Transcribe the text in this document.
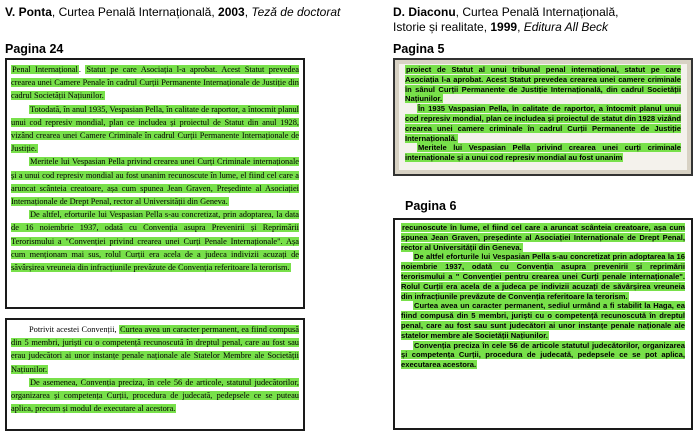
V. Ponta, Curtea Penală Internațională, 2003, Teză de doctorat	D. Diaconu, Curtea Penală Internațională,
Istorie și realitate, 1999, Editura All Beck
Pagina 24	Pagina 5
Pagina 6

Penal Internațional. Statut pe care Asociația l-a aprobat. Acest Statut prevedea crearea unei Camere Penale în cadrul Curții Permanente Internaționale de Justiție din cadrul Societății Națiunilor.

Totodată, în anul 1935, Vespasian Pella, în calitate de raportor, a întocmit planul unui cod represiv mondial, plan ce includea și proiectul de Statut din anul 1928, vizând crearea unei Camere Criminale în cadrul Curții Permanente Internaționale de Justiție.

Meritele lui Vespasian Pella privind crearea unei Curți Criminale internaționale și a unui cod represiv mondial au fost unanim recunoscute în lume, el fiind cel care a aruncat scânteia creatoare, așa cum spunea Jean Graven, Președinte al Asociației Internaționale de Drept Penal, rector al Universității din Geneva.

De altfel, eforturile lui Vespasian Pella s-au concretizat, prin adoptarea, la data de 16 noiembrie 1937, odată cu Convenția asupra Prevenirii și Reprimării Terorismului a "Convenției privind crearea unei Curți Penale Internaționale". Așa cum menționam mai sus, rolul Curții era acela de a judeca indivizii acuzați de săvârșirea vreuneia din infracțiunile prevăzute de Convenția referitoare la terorism.

Potrivit acestei Convenții, Curtea avea un caracter permanent, ea fiind compusă din 5 membri, juriști cu o competență recunoscută în dreptul penal, care au fost sau erau judecători ai unor instanțe penale naționale ale Statelor Membre ale Societății Națiunilor.

De asemenea, Convenția preciza, în cele 56 de articole, statutul judecătorilor, organizarea și competența Curții, procedura de judecată, pedepsele ce se puteau aplica, precum și modul de executare al acestora.

proiect de Statut al unui tribunal penal internațional, statut pe care Asociația l-a aprobat. Acest Statut prevedea crearea unei camere criminale în sânul Curții Permanente de Justiție Internațională, din cadrul Societății Națiunilor.

În 1935 Vaspasian Pella, în calitate de raportor, a întocmit planul unui cod represiv mondial, plan ce includea și proiectul de statut din 1928 vizând crearea unei camere criminale în cadrul Curții Permanente de Justiție Internațională.

Meritele lui Vespasian Pella privind crearea unei curți criminale internaționale și a unui cod represiv mondial au fost unanim

recunoscute în lume, el fiind cel care a aruncat scânteia creatoare, așa cum spunea Jean Graven, președinte al Asociației Internaționale de Drept Penal, rector al Universității din Geneva.

De altfel eforturile lui Vespasian Pella s-au concretizat prin adoptarea la 16 noiembrie 1937, odată cu Convenția asupra prevenirii și reprimării terorismului a " Convenției pentru crearea unei Curți penale internaționale". Rolul Curții era acela de a judeca pe indivizii acuzați de săvârșirea vreuneia din infracțiunile prevăzute de Convenția referitoare la terorism.

Curtea avea un caracter permanent, sediul urmând a fi stabilit la Haga, ea fiind compusă din 5 membri, juriști cu o competență recunoscută în dreptul penal, care au fost sau sunt judecători ai unor instanțe penale naționale ale statelor membre ale Societății Națiunilor.

Convenția preciza în cele 56 de articole statutul judecătorilor, organizarea și competența Curții, procedura de judecată, pedepsele ce se pot aplica, executarea acestora.
